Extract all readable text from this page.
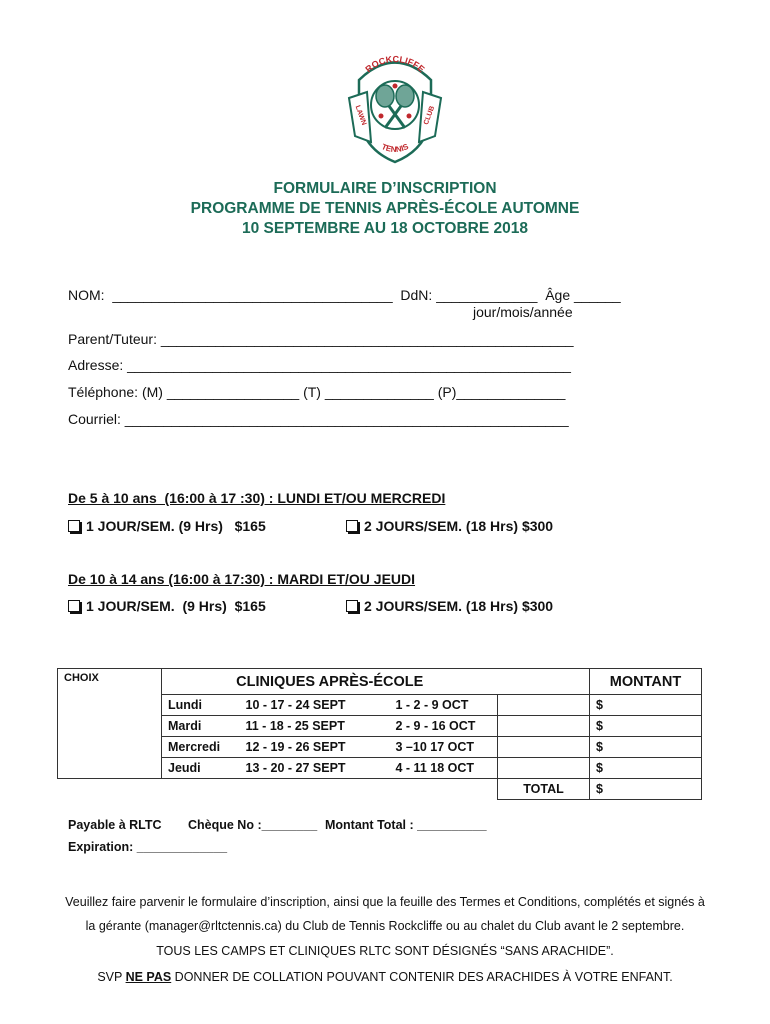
ROCKCLIFFE
LAWN	CLUB
TENNIS
FORMULAIRE D’INSCRIPTION
PROGRAMME DE TENNIS APRÈS-ÉCOLE AUTOMNE
10 SEPTEMBRE AU 18 OCTOBRE 2018
NOM:  ____________________________________  DdN: _____________  Âge ______
jour/mois/année
Parent/Tuteur: _____________________________________________________
Adresse: _________________________________________________________
Téléphone: (M) _________________ (T) ______________ (P)______________
Courriel: _________________________________________________________
De 5 à 10 ans  (16:00 à 17 :30) : LUNDI ET/OU MERCREDI
1 JOUR/SEM. (9 Hrs)   $165	2 JOURS/SEM. (18 Hrs) $300
De 10 à 14 ans (16:00 à 17:30) : MARDI ET/OU JEUDI
1 JOUR/SEM.  (9 Hrs)  $165	2 JOURS/SEM. (18 Hrs) $300
CHOIX	CLINIQUES APRÈS-ÉCOLE				MONTANT
	Lundi	10 - 17 - 24 SEPT	1 - 2 - 9 OCT		$
	Mardi	11 - 18 - 25 SEPT	2 - 9 - 16 OCT		$
	Mercredi	12 - 19 - 26 SEPT	3 –10 17 OCT		$
	Jeudi	13 - 20 - 27 SEPT	4 - 11 18 OCT		$
				TOTAL	$
Payable à RLTC Chèque No :________ Montant Total : __________
Expiration: _____________
Veuillez faire parvenir le formulaire d’inscription, ainsi que la feuille des Termes et Conditions, complétés et signés à
la gérante (manager@rltctennis.ca) du Club de Tennis Rockcliffe ou au chalet du Club avant le 2 septembre.
TOUS LES CAMPS ET CLINIQUES RLTC SONT DÉSIGNÉS “SANS ARACHIDE”.
SVP NE PAS DONNER DE COLLATION POUVANT CONTENIR DES ARACHIDES À VOTRE ENFANT.
